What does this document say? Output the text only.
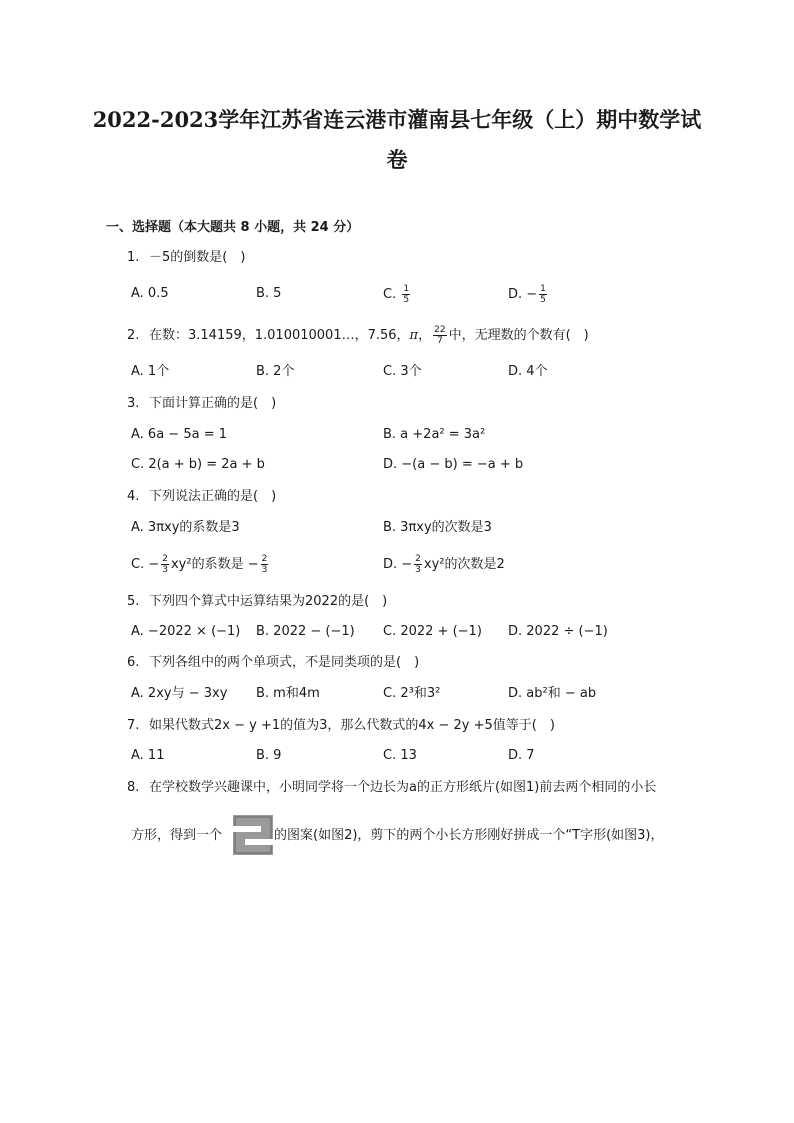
2022-2023学年江苏省连云港市灌南县七年级（上）期中数学试
卷
一、选择题（本大题共 8 小题，共 24 分）
1. －5的倒数是(　)
A. 0.5	B. 5	C. $\frac{1}{5}$	D. − $\frac{1}{5}$
2. 在数：3.14159，1.010010001…，7.56，π， $\frac{22}{7}$ 中，无理数的个数有(　)
A. 1个	B. 2个	C. 3个	D. 4个
3. 下面计算正确的是(　)
A. 6a − 5a = 1	B. a +2a² = 3a²
C. 2(a + b) = 2a + b	D. −(a − b) = −a + b
4. 下列说法正确的是(　)
A. 3πxy的系数是3	B. 3πxy的次数是3
C. − $\frac{2}{3} xy^2$的系数是 − $\frac{2}{3}$	D. − $\frac{2}{3} xy^2$的次数是2
5. 下列四个算式中运算结果为2022的是(　)
A. −2022 × (−1) B. 2022 − (−1) C. 2022 + (−1) D. 2022 ÷ (−1)
6. 下列各组中的两个单项式，不是同类项的是(　)
A. 2xy与 − 3xy B. m和4m	C. 2³和3²	D. ab²和 − ab
7. 如果代数式2x − y +1的值为3，那么代数式的4x − 2y +5值等于(　)
A. 11	B. 9	C. 13	D. 7
8. 在学校数学兴趣课中，小明同学将一个边长为a的正方形纸片(如图1)前去两个相同的小长
方形，得到一个	的图案(如图2)，剪下的两个小长方形刚好拼成一个“T字形(如图3)，
